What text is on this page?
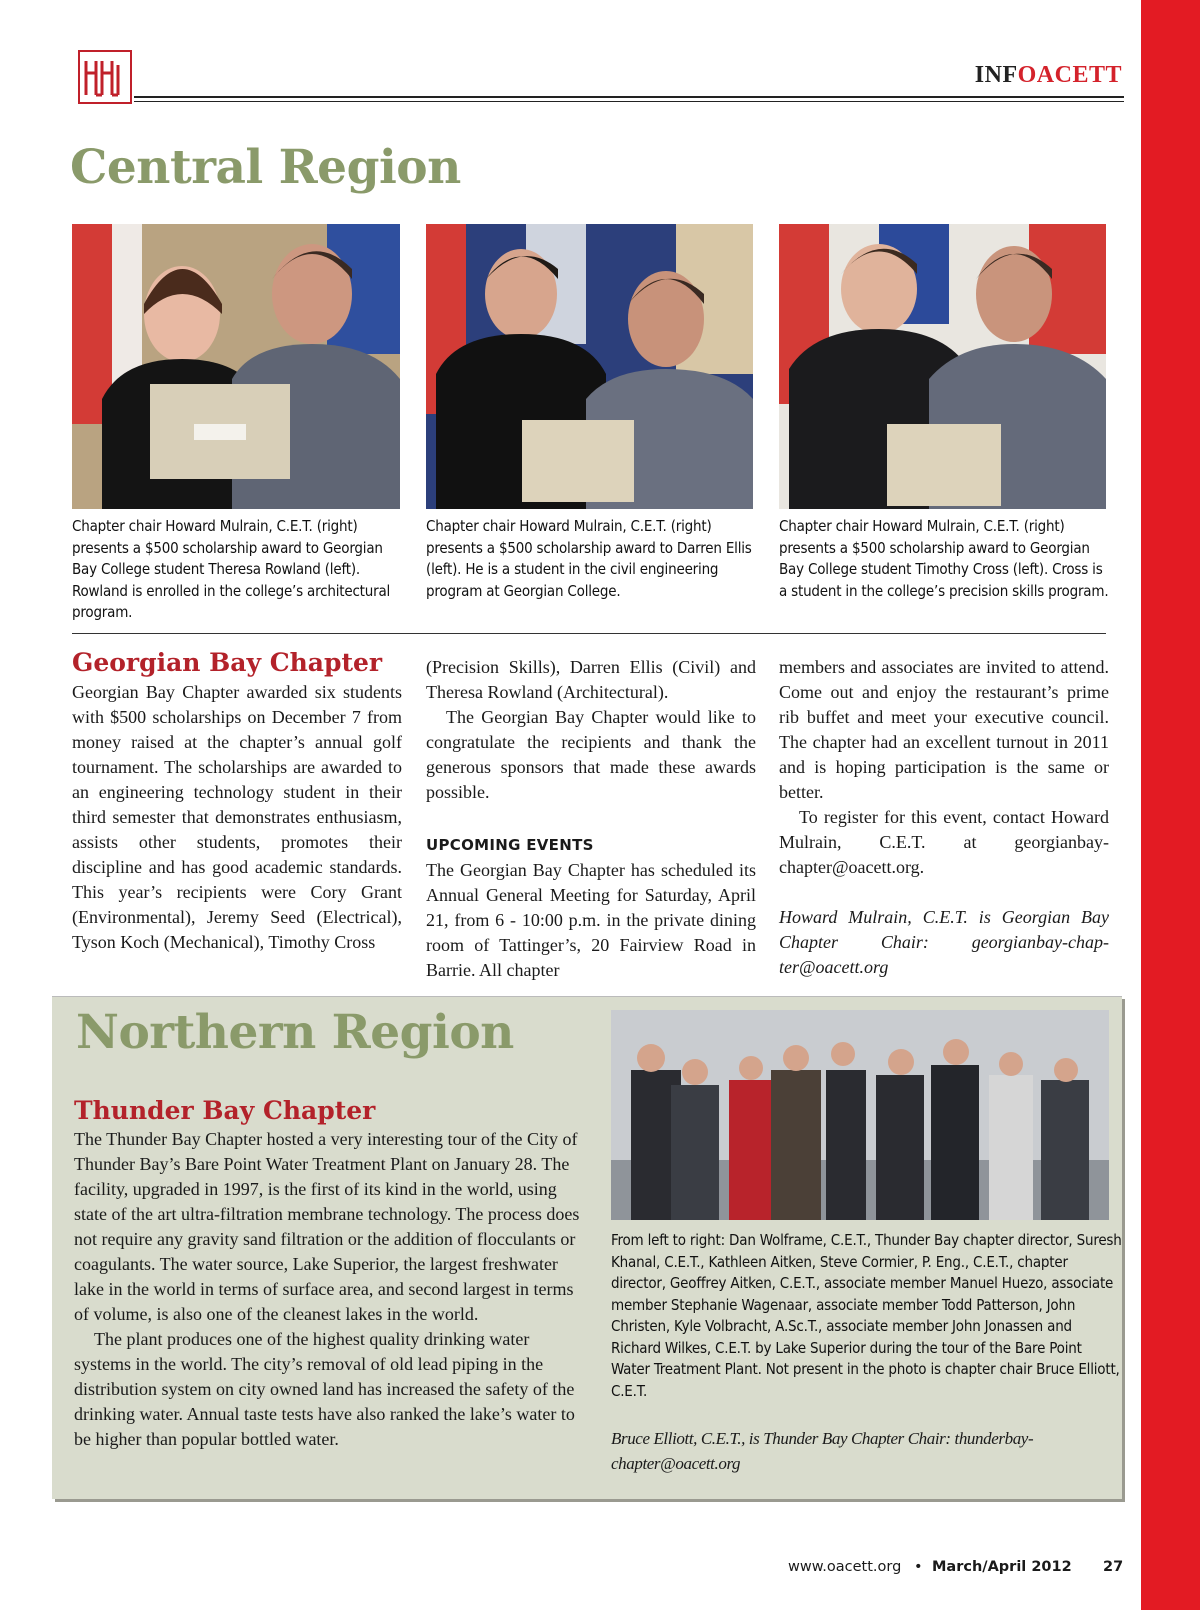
INFOACETT
Central Region
Chapter chair Howard Mulrain, C.E.T. (right) presents a $500 scholarship award to Georgian Bay College student Theresa Rowland (left). Rowland is enrolled in the college’s architectural program.
Chapter chair Howard Mulrain, C.E.T. (right) presents a $500 scholarship award to Darren Ellis (left). He is a student in the civil engineering program at Georgian College.
Chapter chair Howard Mulrain, C.E.T. (right) presents a $500 scholarship award to Georgian Bay College student Timothy Cross (left). Cross is a student in the college’s precision skills program.
Georgian Bay Chapter

Georgian Bay Chapter awarded six students with $500 scholarships on December 7 from money raised at the chapter’s annual golf tournament. The scholarships are awarded to an engineering technology student in their third semester that demonstrates enthusiasm, assists other students, promotes their discipline and has good academic standards. This year’s recipients were Cory Grant (Environmental), Jeremy Seed (Electrical), Tyson Koch (Mechanical), Timothy Cross

(Precision Skills), Darren Ellis (Civil) and Theresa Rowland (Architectural).

The Georgian Bay Chapter would like to congratulate the recipients and thank the generous sponsors that made these awards possible.

UPCOMING EVENTS

The Georgian Bay Chapter has scheduled its Annual General Meeting for Saturday, April 21, from 6 - 10:00 p.m. in the private dining room of Tattinger’s, 20 Fairview Road in Barrie. All chapter

members and associates are invited to attend. Come out and enjoy the restaurant’s prime rib buffet and meet your executive council. The chapter had an excellent turnout in 2011 and is hoping participation is the same or better.

To register for this event, contact Howard Mulrain, C.E.T. at georgianbaychapter@oacett.org.

Howard Mulrain, C.E.T. is Georgian Bay Chapter Chair: georgianbay-chapter@oacett.org

Northern Region
Thunder Bay Chapter

The Thunder Bay Chapter hosted a very interesting tour of the City of Thunder Bay’s Bare Point Water Treatment Plant on January 28. The facility, upgraded in 1997, is the first of its kind in the world, using state of the art ultra-filtration membrane technology. The process does not require any gravity sand filtration or the addition of flocculants or coagulants. The water source, Lake Superior, the largest freshwater lake in the world in terms of surface area, and second largest in terms of volume, is also one of the cleanest lakes in the world.

The plant produces one of the highest quality drinking water systems in the world. The city’s removal of old lead piping in the distribution system on city owned land has increased the safety of the drinking water. Annual taste tests have also ranked the lake’s water to be higher than popular bottled water.

From left to right: Dan Wolframe, C.E.T., Thunder Bay chapter director, Suresh Khanal, C.E.T., Kathleen Aitken, Steve Cormier, P. Eng., C.E.T., chapter director, Geoffrey Aitken, C.E.T., associate member Manuel Huezo, associate member Stephanie Wagenaar, associate member Todd Patterson, John Christen, Kyle Volbracht, A.Sc.T., associate member John Jonassen and Richard Wilkes, C.E.T. by Lake Superior during the tour of the Bare Point Water Treatment Plant. Not present in the photo is chapter chair Bruce Elliott, C.E.T.
Bruce Elliott, C.E.T., is Thunder Bay Chapter Chair: thunderbaychapter@oacett.org
www.oacett.org • March/April 2012 27
